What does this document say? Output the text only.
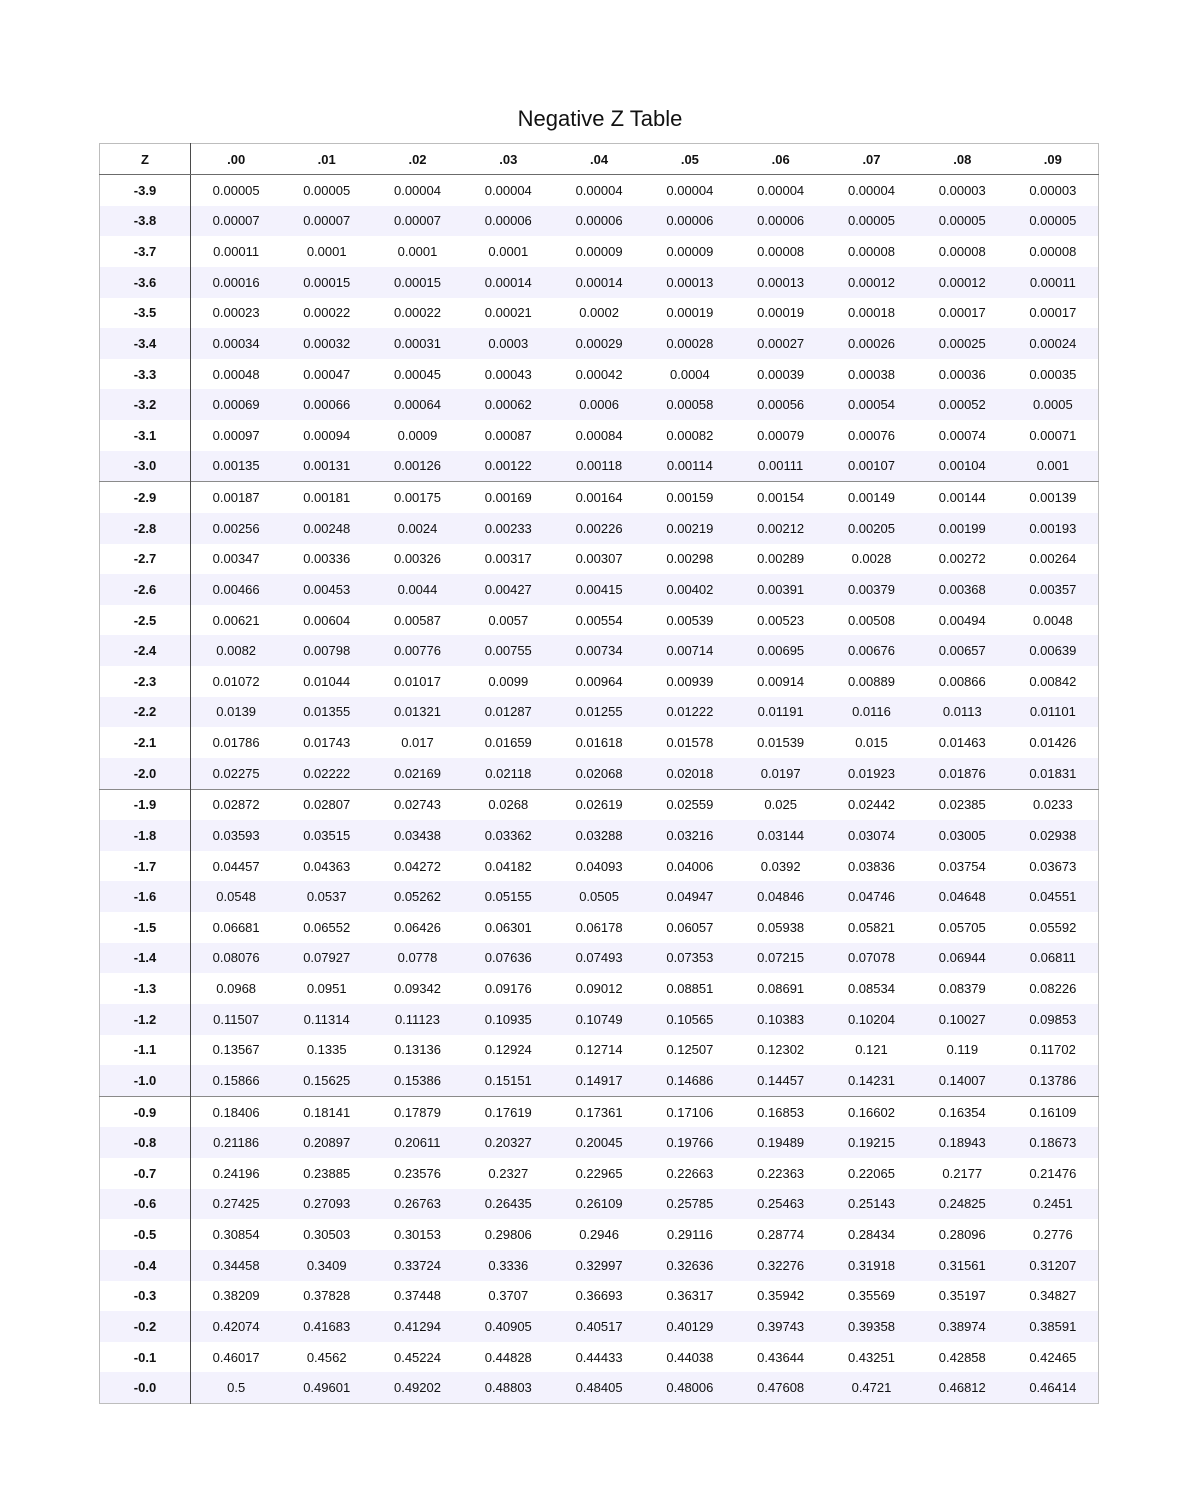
Negative Z Table
Z	.00	.01	.02	.03	.04	.05	.06	.07	.08	.09
-3.9	0.00005	0.00005	0.00004	0.00004	0.00004	0.00004	0.00004	0.00004	0.00003	0.00003
-3.8	0.00007	0.00007	0.00007	0.00006	0.00006	0.00006	0.00006	0.00005	0.00005	0.00005
-3.7	0.00011	0.0001	0.0001	0.0001	0.00009	0.00009	0.00008	0.00008	0.00008	0.00008
-3.6	0.00016	0.00015	0.00015	0.00014	0.00014	0.00013	0.00013	0.00012	0.00012	0.00011
-3.5	0.00023	0.00022	0.00022	0.00021	0.0002	0.00019	0.00019	0.00018	0.00017	0.00017
-3.4	0.00034	0.00032	0.00031	0.0003	0.00029	0.00028	0.00027	0.00026	0.00025	0.00024
-3.3	0.00048	0.00047	0.00045	0.00043	0.00042	0.0004	0.00039	0.00038	0.00036	0.00035
-3.2	0.00069	0.00066	0.00064	0.00062	0.0006	0.00058	0.00056	0.00054	0.00052	0.0005
-3.1	0.00097	0.00094	0.0009	0.00087	0.00084	0.00082	0.00079	0.00076	0.00074	0.00071
-3.0	0.00135	0.00131	0.00126	0.00122	0.00118	0.00114	0.00111	0.00107	0.00104	0.001
-2.9	0.00187	0.00181	0.00175	0.00169	0.00164	0.00159	0.00154	0.00149	0.00144	0.00139
-2.8	0.00256	0.00248	0.0024	0.00233	0.00226	0.00219	0.00212	0.00205	0.00199	0.00193
-2.7	0.00347	0.00336	0.00326	0.00317	0.00307	0.00298	0.00289	0.0028	0.00272	0.00264
-2.6	0.00466	0.00453	0.0044	0.00427	0.00415	0.00402	0.00391	0.00379	0.00368	0.00357
-2.5	0.00621	0.00604	0.00587	0.0057	0.00554	0.00539	0.00523	0.00508	0.00494	0.0048
-2.4	0.0082	0.00798	0.00776	0.00755	0.00734	0.00714	0.00695	0.00676	0.00657	0.00639
-2.3	0.01072	0.01044	0.01017	0.0099	0.00964	0.00939	0.00914	0.00889	0.00866	0.00842
-2.2	0.0139	0.01355	0.01321	0.01287	0.01255	0.01222	0.01191	0.0116	0.0113	0.01101
-2.1	0.01786	0.01743	0.017	0.01659	0.01618	0.01578	0.01539	0.015	0.01463	0.01426
-2.0	0.02275	0.02222	0.02169	0.02118	0.02068	0.02018	0.0197	0.01923	0.01876	0.01831
-1.9	0.02872	0.02807	0.02743	0.0268	0.02619	0.02559	0.025	0.02442	0.02385	0.0233
-1.8	0.03593	0.03515	0.03438	0.03362	0.03288	0.03216	0.03144	0.03074	0.03005	0.02938
-1.7	0.04457	0.04363	0.04272	0.04182	0.04093	0.04006	0.0392	0.03836	0.03754	0.03673
-1.6	0.0548	0.0537	0.05262	0.05155	0.0505	0.04947	0.04846	0.04746	0.04648	0.04551
-1.5	0.06681	0.06552	0.06426	0.06301	0.06178	0.06057	0.05938	0.05821	0.05705	0.05592
-1.4	0.08076	0.07927	0.0778	0.07636	0.07493	0.07353	0.07215	0.07078	0.06944	0.06811
-1.3	0.0968	0.0951	0.09342	0.09176	0.09012	0.08851	0.08691	0.08534	0.08379	0.08226
-1.2	0.11507	0.11314	0.11123	0.10935	0.10749	0.10565	0.10383	0.10204	0.10027	0.09853
-1.1	0.13567	0.1335	0.13136	0.12924	0.12714	0.12507	0.12302	0.121	0.119	0.11702
-1.0	0.15866	0.15625	0.15386	0.15151	0.14917	0.14686	0.14457	0.14231	0.14007	0.13786
-0.9	0.18406	0.18141	0.17879	0.17619	0.17361	0.17106	0.16853	0.16602	0.16354	0.16109
-0.8	0.21186	0.20897	0.20611	0.20327	0.20045	0.19766	0.19489	0.19215	0.18943	0.18673
-0.7	0.24196	0.23885	0.23576	0.2327	0.22965	0.22663	0.22363	0.22065	0.2177	0.21476
-0.6	0.27425	0.27093	0.26763	0.26435	0.26109	0.25785	0.25463	0.25143	0.24825	0.2451
-0.5	0.30854	0.30503	0.30153	0.29806	0.2946	0.29116	0.28774	0.28434	0.28096	0.2776
-0.4	0.34458	0.3409	0.33724	0.3336	0.32997	0.32636	0.32276	0.31918	0.31561	0.31207
-0.3	0.38209	0.37828	0.37448	0.3707	0.36693	0.36317	0.35942	0.35569	0.35197	0.34827
-0.2	0.42074	0.41683	0.41294	0.40905	0.40517	0.40129	0.39743	0.39358	0.38974	0.38591
-0.1	0.46017	0.4562	0.45224	0.44828	0.44433	0.44038	0.43644	0.43251	0.42858	0.42465
-0.0	0.5	0.49601	0.49202	0.48803	0.48405	0.48006	0.47608	0.4721	0.46812	0.46414
